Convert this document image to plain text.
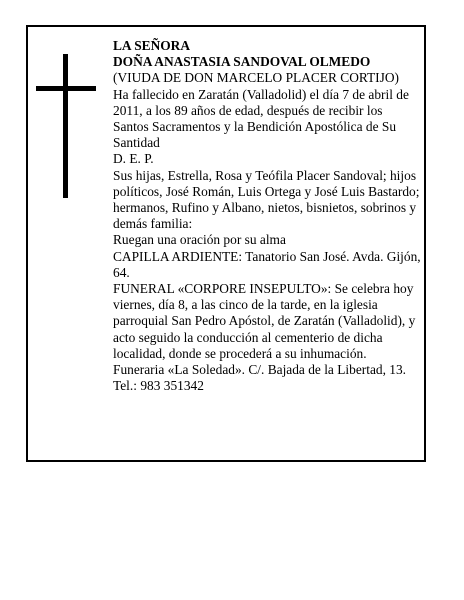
LA SEÑORA

DOÑA ANASTASIA SANDOVAL OLMEDO

(VIUDA DE DON MARCELO PLACER CORTIJO)

Ha fallecido en Zaratán (Valladolid) el día 7 de abril de 2011, a los 89 años de edad, después de recibir los Santos Sacramentos y la Bendición Apostólica de Su Santidad

D. E. P.

Sus hijas, Estrella, Rosa y Teófila Placer Sandoval; hijos políticos, José Román, Luis Ortega y José Luis Bastardo; hermanos, Rufino y Albano, nietos, bisnietos, sobrinos y demás familia:

Ruegan una oración por su alma

CAPILLA ARDIENTE: Tanatorio San José. Avda. Gijón, 64.

FUNERAL «CORPORE INSEPULTO»: Se celebra hoy viernes, día 8, a las cinco de la tarde, en la iglesia parroquial San Pedro Apóstol, de Zaratán (Valladolid), y acto seguido la conducción al cementerio de dicha localidad, donde se procederá a su inhumación.

Funeraria «La Soledad». C/. Bajada de la Libertad, 13. Tel.: 983 351342
